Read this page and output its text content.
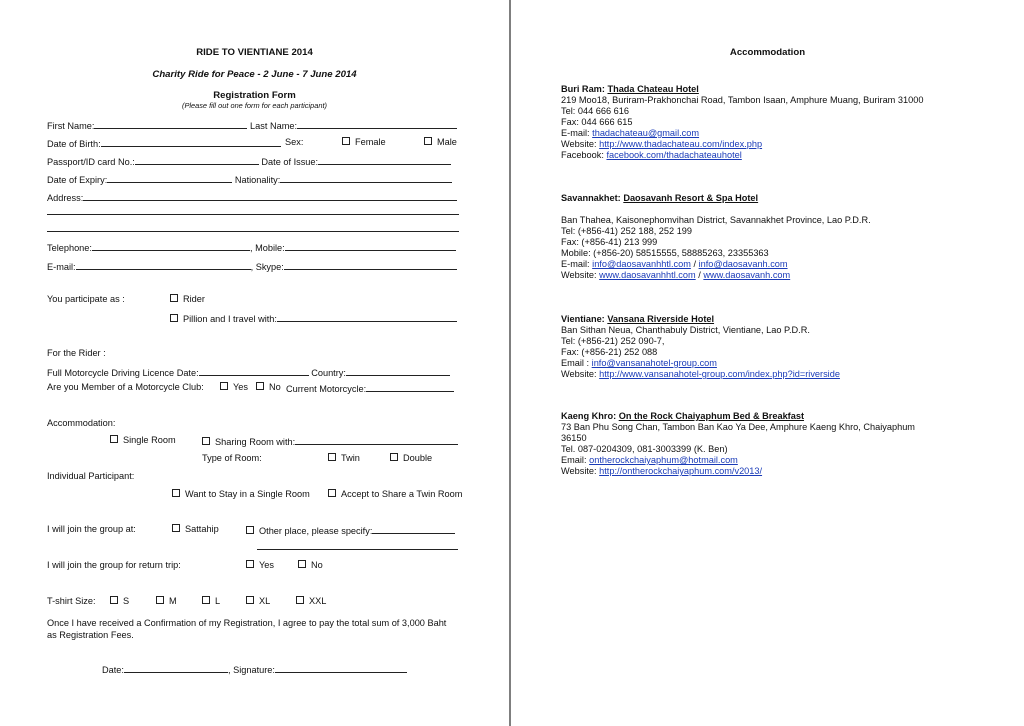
RIDE TO VIENTIANE 2014
Charity Ride for Peace - 2 June - 7 June 2014
Registration Form
(Please fill out one form for each participant)
First Name:	Last Name:
Date of Birth:	Sex:	Female	Male
Passport/ID card No.:	Date of Issue:
Date of Expiry:	Nationality:
Address:
Telephone:	, Mobile:
E-mail:	, Skype:
You participate as :	Rider
Pillion and I travel with:
For the Rider :
Full Motorcycle Driving Licence Date:	Country:
Are you Member of a Motorcycle Club:	Yes	No Current Motorcycle:
Accommodation:
Single Room	Sharing Room with:
Type of Room:	Twin	Double
Individual Participant:
Want to Stay in a Single Room	Accept to Share a Twin Room
I will join the group at:	Sattahip	Other place, please specify:
I will join the group for return trip:	Yes	No
T-shirt Size:	S	M	L	XL	XXL
Once I have received a Confirmation of my Registration, I agree to pay the total sum of 3,000 Baht
as Registration Fees.
Date:	, Signature:
Accommodation
Buri Ram: Thada Chateau Hotel
219 Moo18, Buriram-Prakhonchai Road, Tambon Isaan, Amphure Muang, Buriram 31000
Tel: 044 666 616
Fax: 044 666 615
E-mail: thadachateau@gmail.com
Website: http://www.thadachateau.com/index.php
Facebook: facebook.com/thadachateauhotel
Savannakhet: Daosavanh Resort & Spa Hotel
Ban Thahea, Kaisonephomvihan District, Savannakhet Province, Lao P.D.R.
Tel: (+856-41) 252 188, 252 199
Fax: (+856-41) 213 999
Mobile: (+856-20) 58515555, 58885263, 23355363
E-mail: info@daosavanhhtl.com / info@daosavanh.com
Website: www.daosavanhhtl.com / www.daosavanh.com
Vientiane: Vansana Riverside Hotel
Ban Sithan Neua, Chanthabuly District, Vientiane, Lao P.D.R.
Tel: (+856-21) 252 090-7,
Fax: (+856-21) 252 088
Email : info@vansanahotel-group.com
Website: http://www.vansanahotel-group.com/index.php?id=riverside
Kaeng Khro: On the Rock Chaiyaphum Bed & Breakfast
73 Ban Phu Song Chan, Tambon Ban Kao Ya Dee, Amphure Kaeng Khro, Chaiyaphum
36150
Tel. 087-0204309, 081-3003399 (K. Ben)
Email: ontherockchaiyaphum@hotmail.com
Website: http://ontherockchaiyaphum.com/v2013/
